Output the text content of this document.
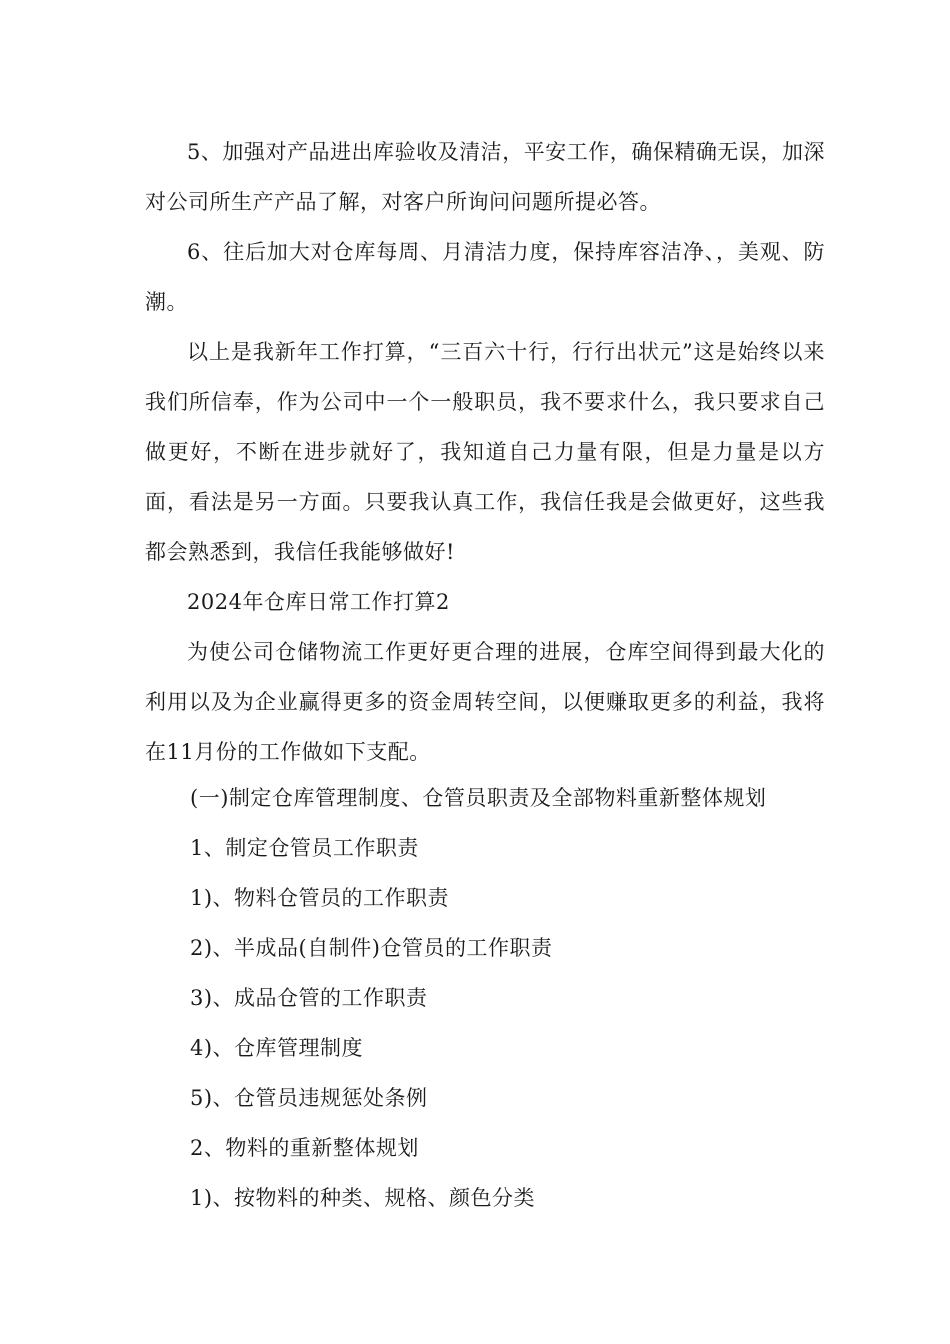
5、加强对产品进出库验收及清洁，平安工作，确保精确无误，加深对公司所生产产品了解，对客户所询问问题所提必答。

6、往后加大对仓库每周、月清洁力度，保持库容洁净、，美观、防潮。

以上是我新年工作打算，“三百六十行，行行出状元”这是始终以来我们所信奉，作为公司中一个一般职员，我不要求什么，我只要求自己做更好，不断在进步就好了，我知道自己力量有限，但是力量是以方面，看法是另一方面。只要我认真工作，我信任我是会做更好，这些我都会熟悉到，我信任我能够做好!

2024年仓库日常工作打算2

为使公司仓储物流工作更好更合理的进展，仓库空间得到最大化的利用以及为企业赢得更多的资金周转空间，以便赚取更多的利益，我将在11月份的工作做如下支配。

(一)制定仓库管理制度、仓管员职责及全部物料重新整体规划

1、制定仓管员工作职责

1)、物料仓管员的工作职责

2)、半成品(自制件)仓管员的工作职责

3)、成品仓管的工作职责

4)、仓库管理制度

5)、仓管员违规惩处条例

2、物料的重新整体规划

1)、按物料的种类、规格、颜色分类
